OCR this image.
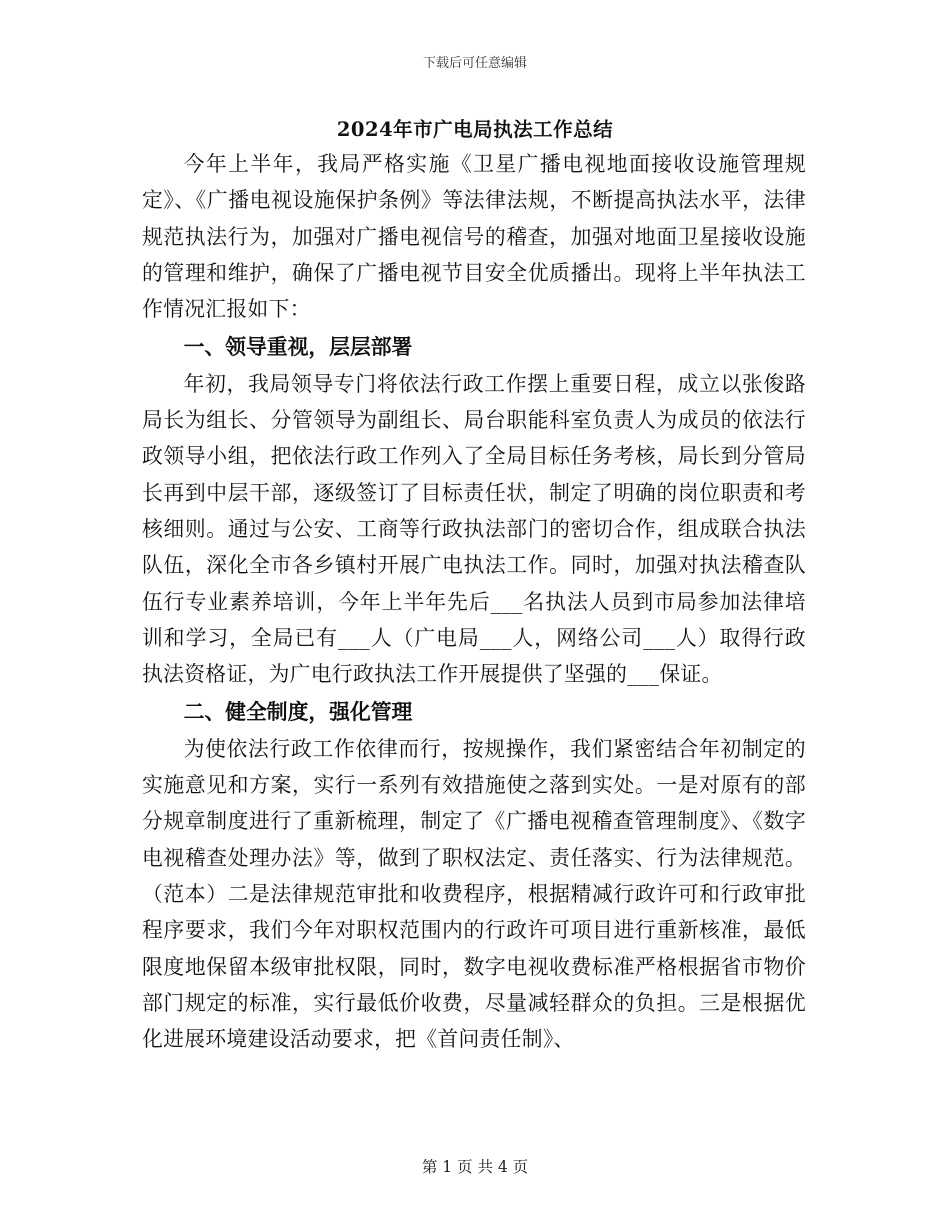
下载后可任意编辑
2024年市广电局执法工作总结

今年上半年，我局严格实施《卫星广播电视地面接收设施管理规定》、《广播电视设施保护条例》等法律法规，不断提高执法水平，法律规范执法行为，加强对广播电视信号的稽查，加强对地面卫星接收设施的管理和维护，确保了广播电视节目安全优质播出。现将上半年执法工作情况汇报如下：

一、领导重视，层层部署

年初，我局领导专门将依法行政工作摆上重要日程，成立以张俊路局长为组长、分管领导为副组长、局台职能科室负责人为成员的依法行政领导小组，把依法行政工作列入了全局目标任务考核，局长到分管局长再到中层干部，逐级签订了目标责任状，制定了明确的岗位职责和考核细则。通过与公安、工商等行政执法部门的密切合作，组成联合执法队伍，深化全市各乡镇村开展广电执法工作。同时，加强对执法稽查队伍行专业素养培训，今年上半年先后___名执法人员到市局参加法律培训和学习，全局已有___人（广电局___人，网络公司___人）取得行政执法资格证，为广电行政执法工作开展提供了坚强的___保证。

二、健全制度，强化管理

为使依法行政工作依律而行，按规操作，我们紧密结合年初制定的实施意见和方案，实行一系列有效措施使之落到实处。一是对原有的部分规章制度进行了重新梳理，制定了《广播电视稽查管理制度》、《数字电视稽查处理办法》等，做到了职权法定、责任落实、行为法律规范。（范本）二是法律规范审批和收费程序，根据精减行政许可和行政审批程序要求，我们今年对职权范围内的行政许可项目进行重新核准，最低限度地保留本级审批权限，同时，数字电视收费标准严格根据省市物价部门规定的标准，实行最低价收费，尽量减轻群众的负担。三是根据优化进展环境建设活动要求，把《首问责任制》、

第 1 页 共 4 页
